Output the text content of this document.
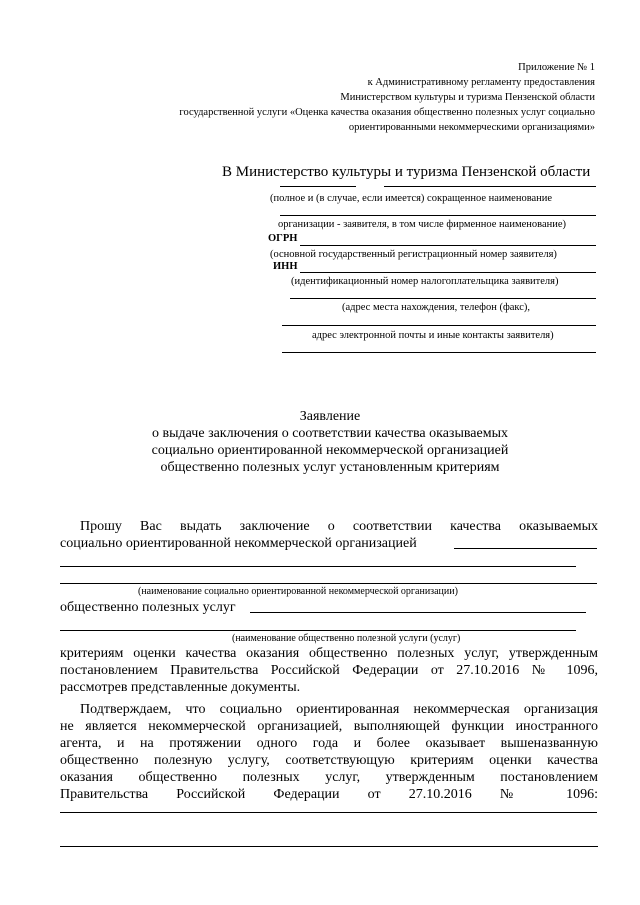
Приложение № 1
к Административному регламенту предоставления
Министерством культуры и туризма Пензенской области
государственной услуги «Оценка качества оказания общественно полезных услуг социально
ориентированными некоммерческими организациями»
В Министерство культуры и туризма Пензенской области
(полное и (в случае, если имеется) сокращенное наименование
организации - заявителя, в том числе фирменное наименование)
ОГРН
(основной государственный регистрационный номер заявителя)
ИНН
(идентификационный номер налогоплательщика заявителя)
(адрес места нахождения, телефон (факс),
адрес электронной почты и иные контакты заявителя)
Заявление
о выдаче заключения о соответствии качества оказываемых
социально ориентированной некоммерческой организацией
общественно полезных услуг установленным критериям
Прошу Вас выдать заключение о соответствии качества оказываемых
социально ориентированной некоммерческой организацией
(наименование социально ориентированной некоммерческой организации)
общественно полезных услуг
(наименование общественно полезной услуги (услуг)
критериям оценки качества оказания общественно полезных услуг, утвержденным
постановлением Правительства Российской Федерации от 27.10.2016 № 1096,
рассмотрев представленные документы.
Подтверждаем, что социально ориентированная некоммерческая организация
не является некоммерческой организацией, выполняющей функции иностранного
агента, и на протяжении одного года и более оказывает вышеназванную
общественно полезную услугу, соответствующую критериям оценки качества
оказания общественно полезных услуг, утвержденным постановлением
Правительства Российской Федерации от 27.10.2016 № 1096:
